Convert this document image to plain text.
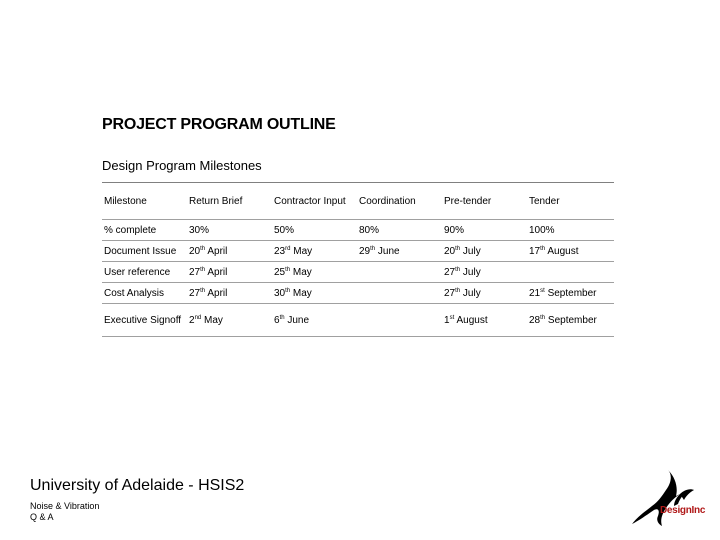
PROJECT PROGRAM OUTLINE
Design Program Milestones
Milestone	Return Brief	Contractor Input	Coordination	Pre-tender	Tender
% complete	30%	50%	80%	90%	100%
Document Issue	20th April	23rd May	29th June	20th July	17th August
User reference	27th April	25th May		27th July	
Cost Analysis	27th April	30th May		27th July	21st September
Executive Signoff	2nd May	6th June		1st August	28th September
University of Adelaide - HSIS2
Noise & Vibration
Q & A
DesignInc
